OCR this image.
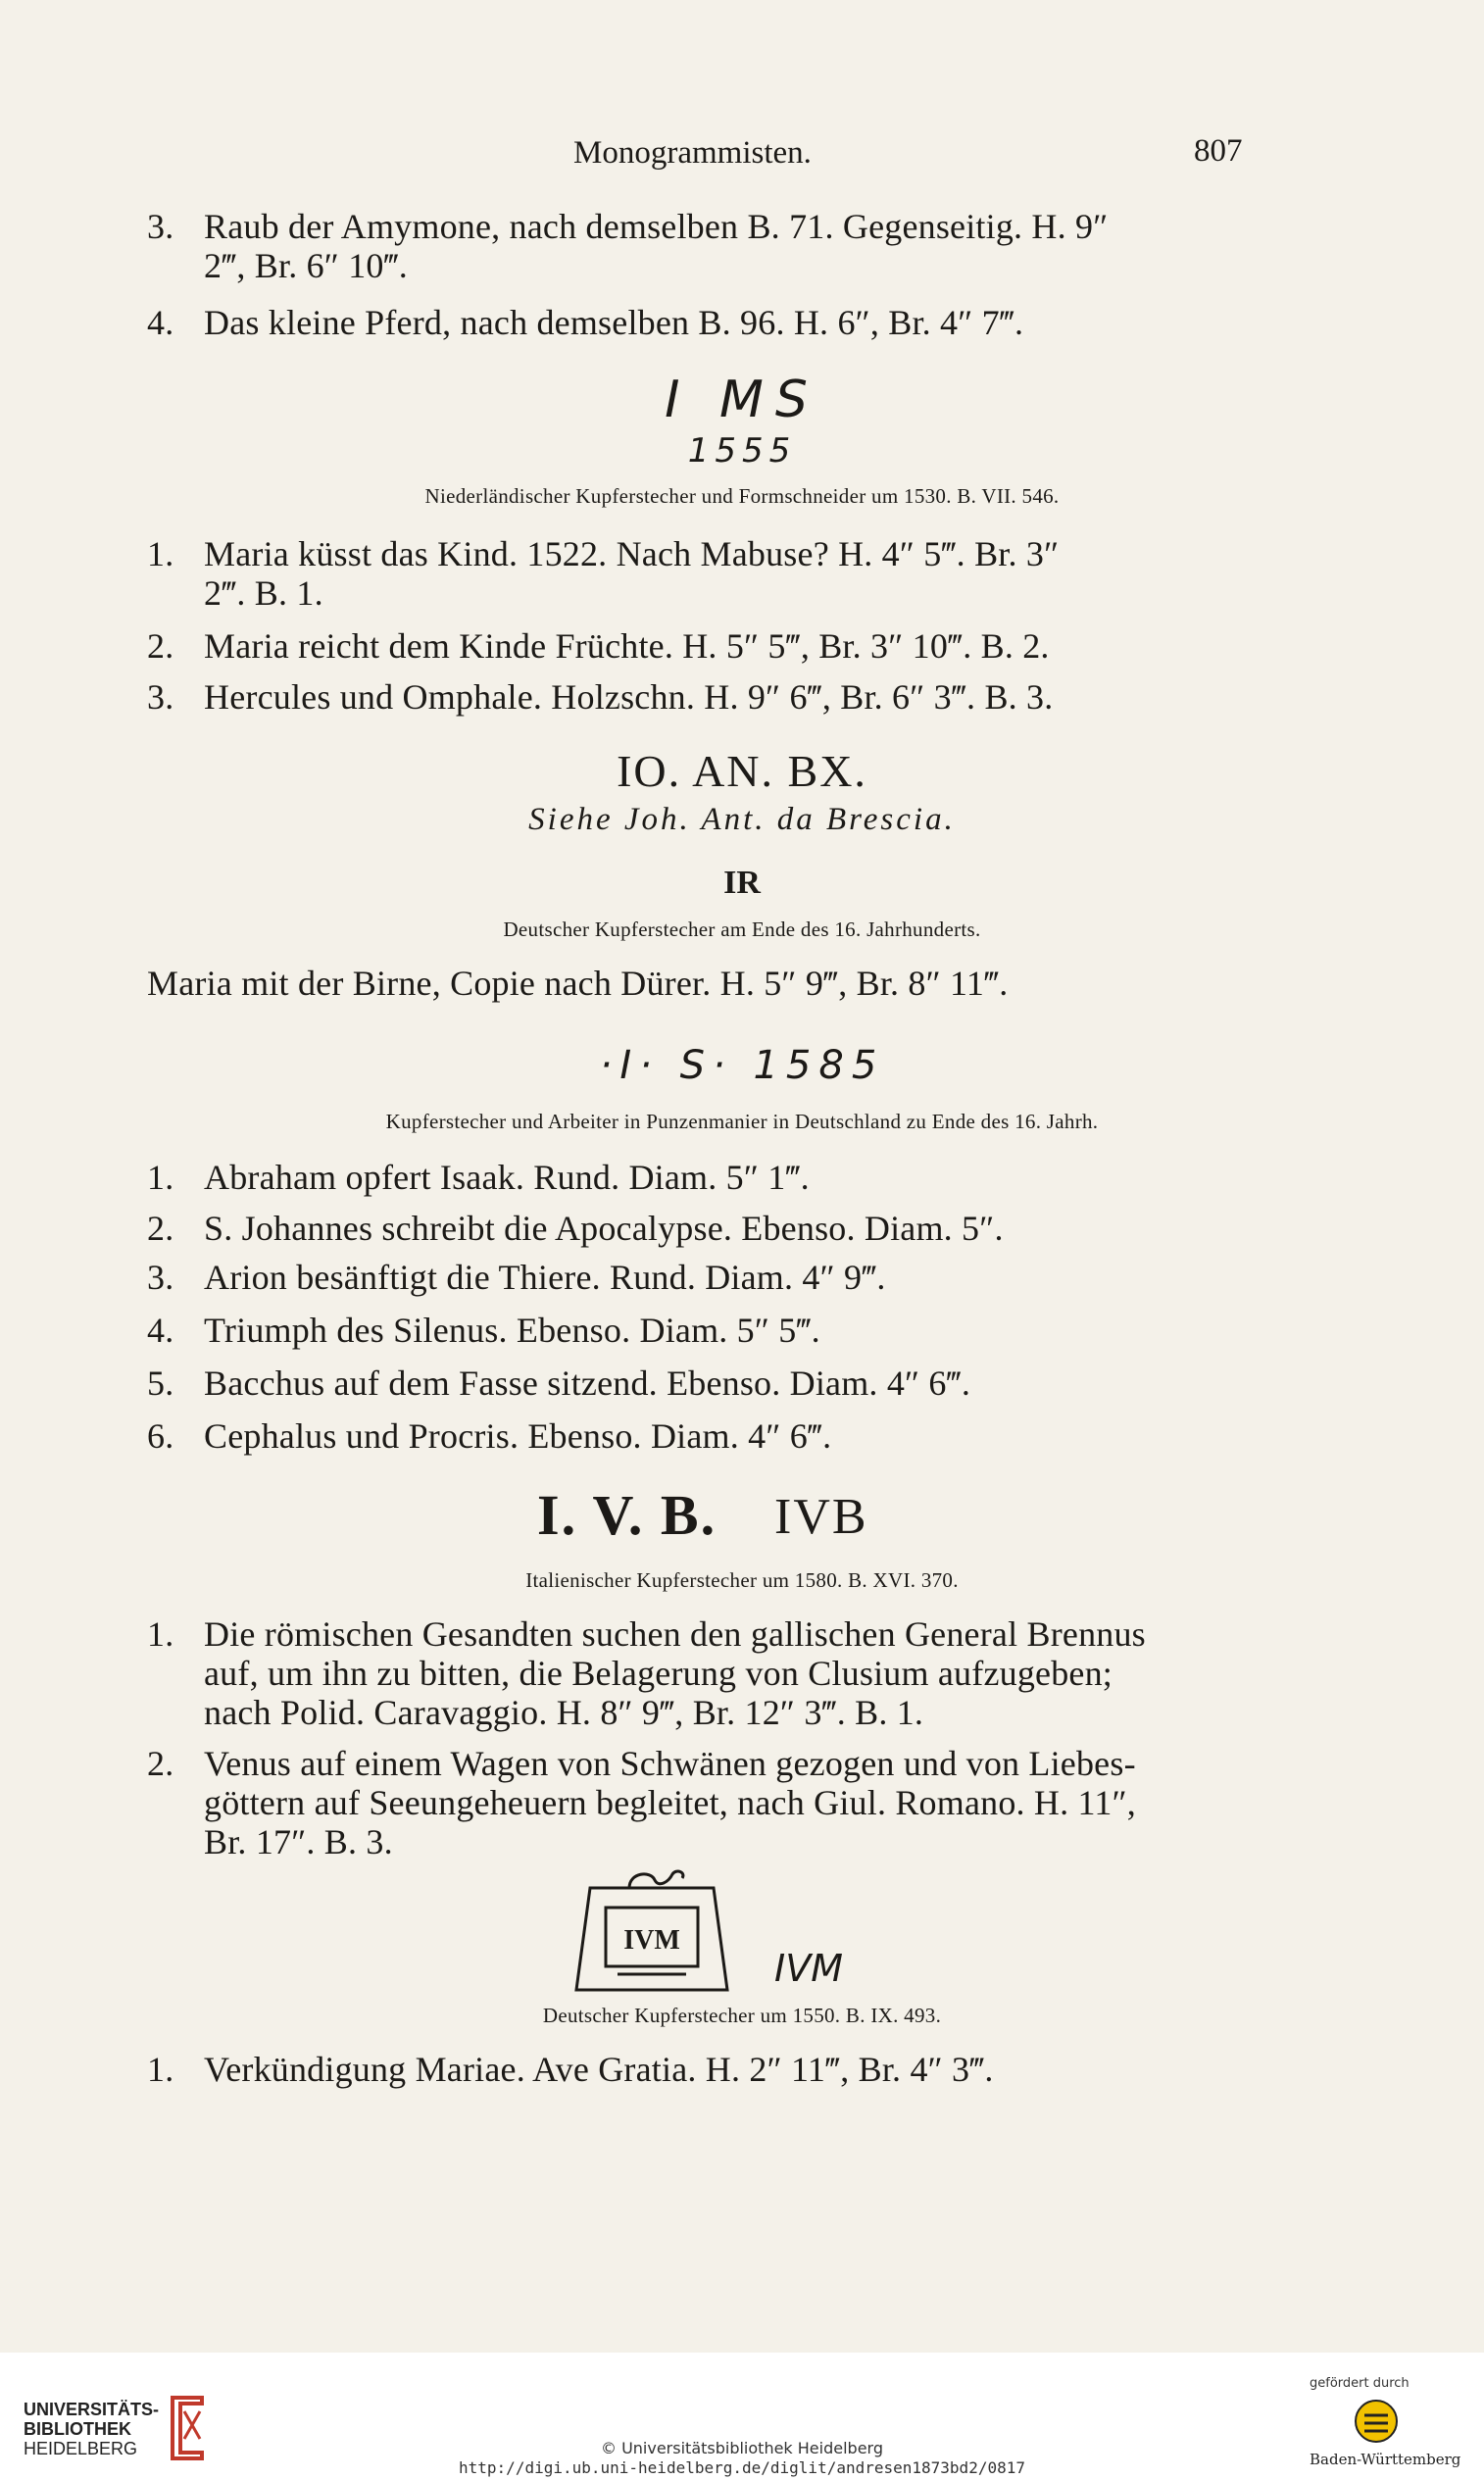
Monogrammisten.	807
3. Raub der Amymone, nach demselben B. 71. Gegenseitig. H. 9″
2‴, Br. 6″ 10‴.
4. Das kleine Pferd, nach demselben B. 96. H. 6″, Br. 4″ 7‴.
I MS
1555
Niederländischer Kupferstecher und Formschneider um 1530. B. VII. 546.
1. Maria küsst das Kind. 1522. Nach Mabuse? H. 4″ 5‴. Br. 3″
2‴. B. 1.
2. Maria reicht dem Kinde Früchte. H. 5″ 5‴, Br. 3″ 10‴. B. 2.
3. Hercules und Omphale. Holzschn. H. 9″ 6‴, Br. 6″ 3‴. B. 3.
IO. AN. BX.
Siehe Joh. Ant. da Brescia.
IR
Deutscher Kupferstecher am Ende des 16. Jahrhunderts.
Maria mit der Birne, Copie nach Dürer. H. 5″ 9‴, Br. 8″ 11‴.
·I· S· 1585
Kupferstecher und Arbeiter in Punzenmanier in Deutschland zu Ende des 16. Jahrh.
1. Abraham opfert Isaak. Rund. Diam. 5″ 1‴.
2. S. Johannes schreibt die Apocalypse. Ebenso. Diam. 5″.
3. Arion besänftigt die Thiere. Rund. Diam. 4″ 9‴.
4. Triumph des Silenus. Ebenso. Diam. 5″ 5‴.
5. Bacchus auf dem Fasse sitzend. Ebenso. Diam. 4″ 6‴.
6. Cephalus und Procris. Ebenso. Diam. 4″ 6‴.
I. V. B. IVB
Italienischer Kupferstecher um 1580. B. XVI. 370.
1. Die römischen Gesandten suchen den gallischen General Brennus
auf, um ihn zu bitten, die Belagerung von Clusium aufzugeben;
nach Polid. Caravaggio. H. 8″ 9‴, Br. 12″ 3‴. B. 1.
2. Venus auf einem Wagen von Schwänen gezogen und von Liebes-
göttern auf Seeungeheuern begleitet, nach Giul. Romano. H. 11″,
Br. 17″. B. 3.
IVM
IVM
Deutscher Kupferstecher um 1550. B. IX. 493.
1. Verkündigung Mariae. Ave Gratia. H. 2″ 11‴, Br. 4″ 3‴.
UNIVERSITÄTS-
BIBLIOTHEK
HEIDELBERG	© Universitätsbibliothek Heidelberg
http://digi.ub.uni-heidelberg.de/diglit/andresen1873bd2/0817
gefördert durch
Baden-Württemberg
